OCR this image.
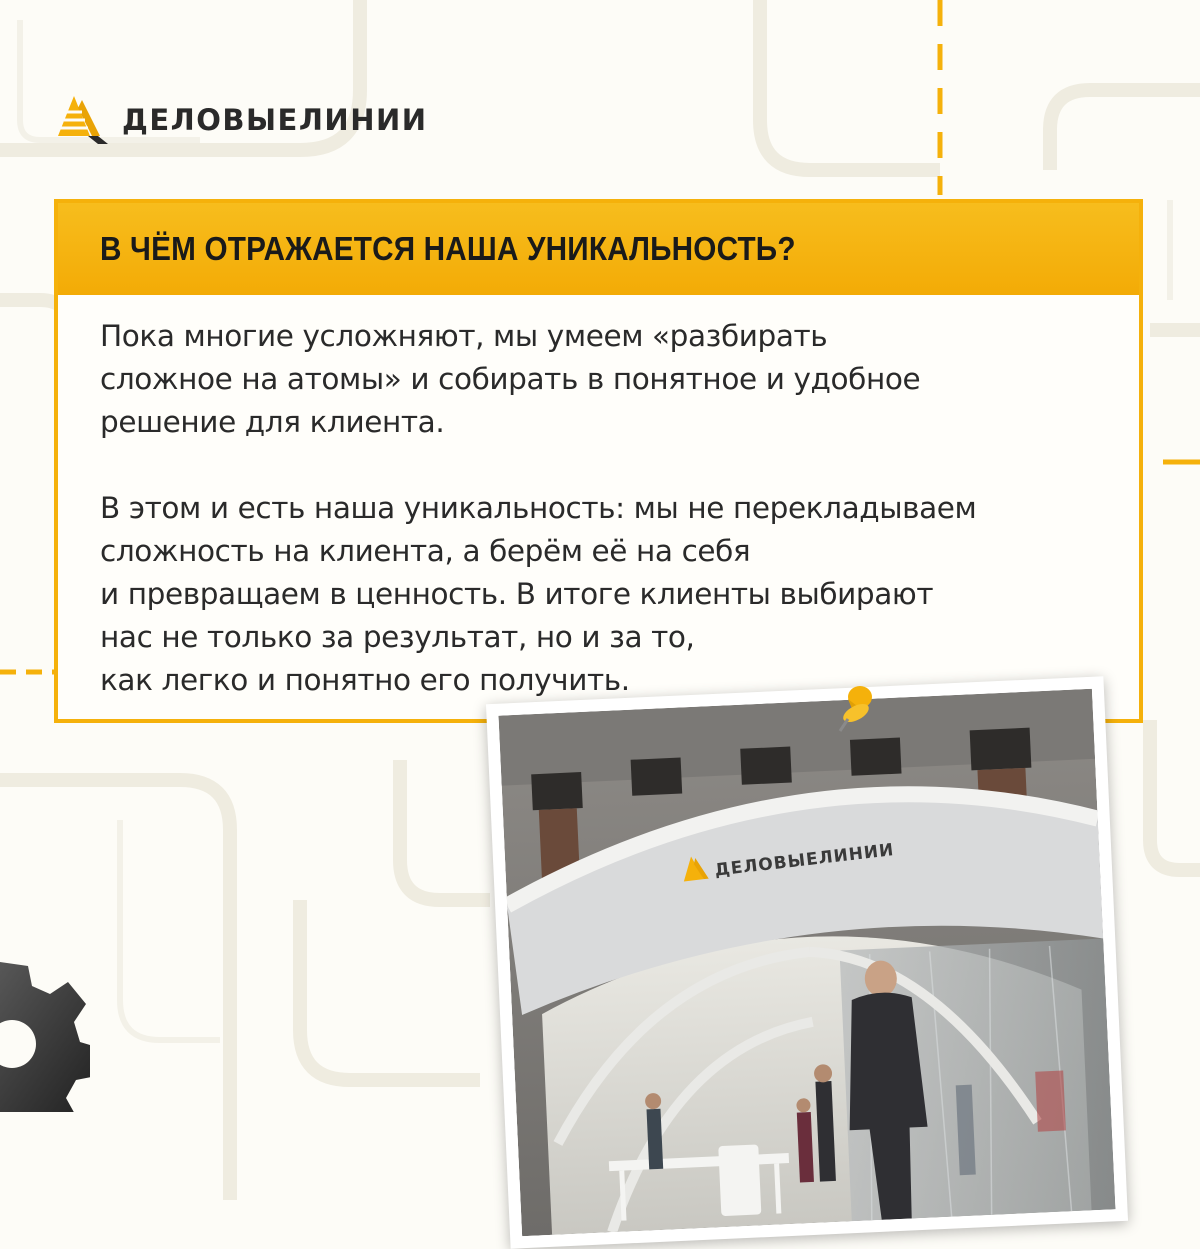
ДЕЛОВЫЕЛИНИИ
В ЧЁМ ОТРАЖАЕТСЯ НАША УНИКАЛЬНОСТЬ?

Пока многие усложняют, мы умеем «разбирать
сложное на атомы» и собирать в понятное и удобное
решение для клиента.

В этом и есть наша уникальность: мы не перекладываем
сложность на клиента, а берём её на себя
и превращаем в ценность. В итоге клиенты выбирают
нас не только за результат, но и за то,
как легко и понятно его получить.

ДЕЛОВЫЕЛИНИИ
